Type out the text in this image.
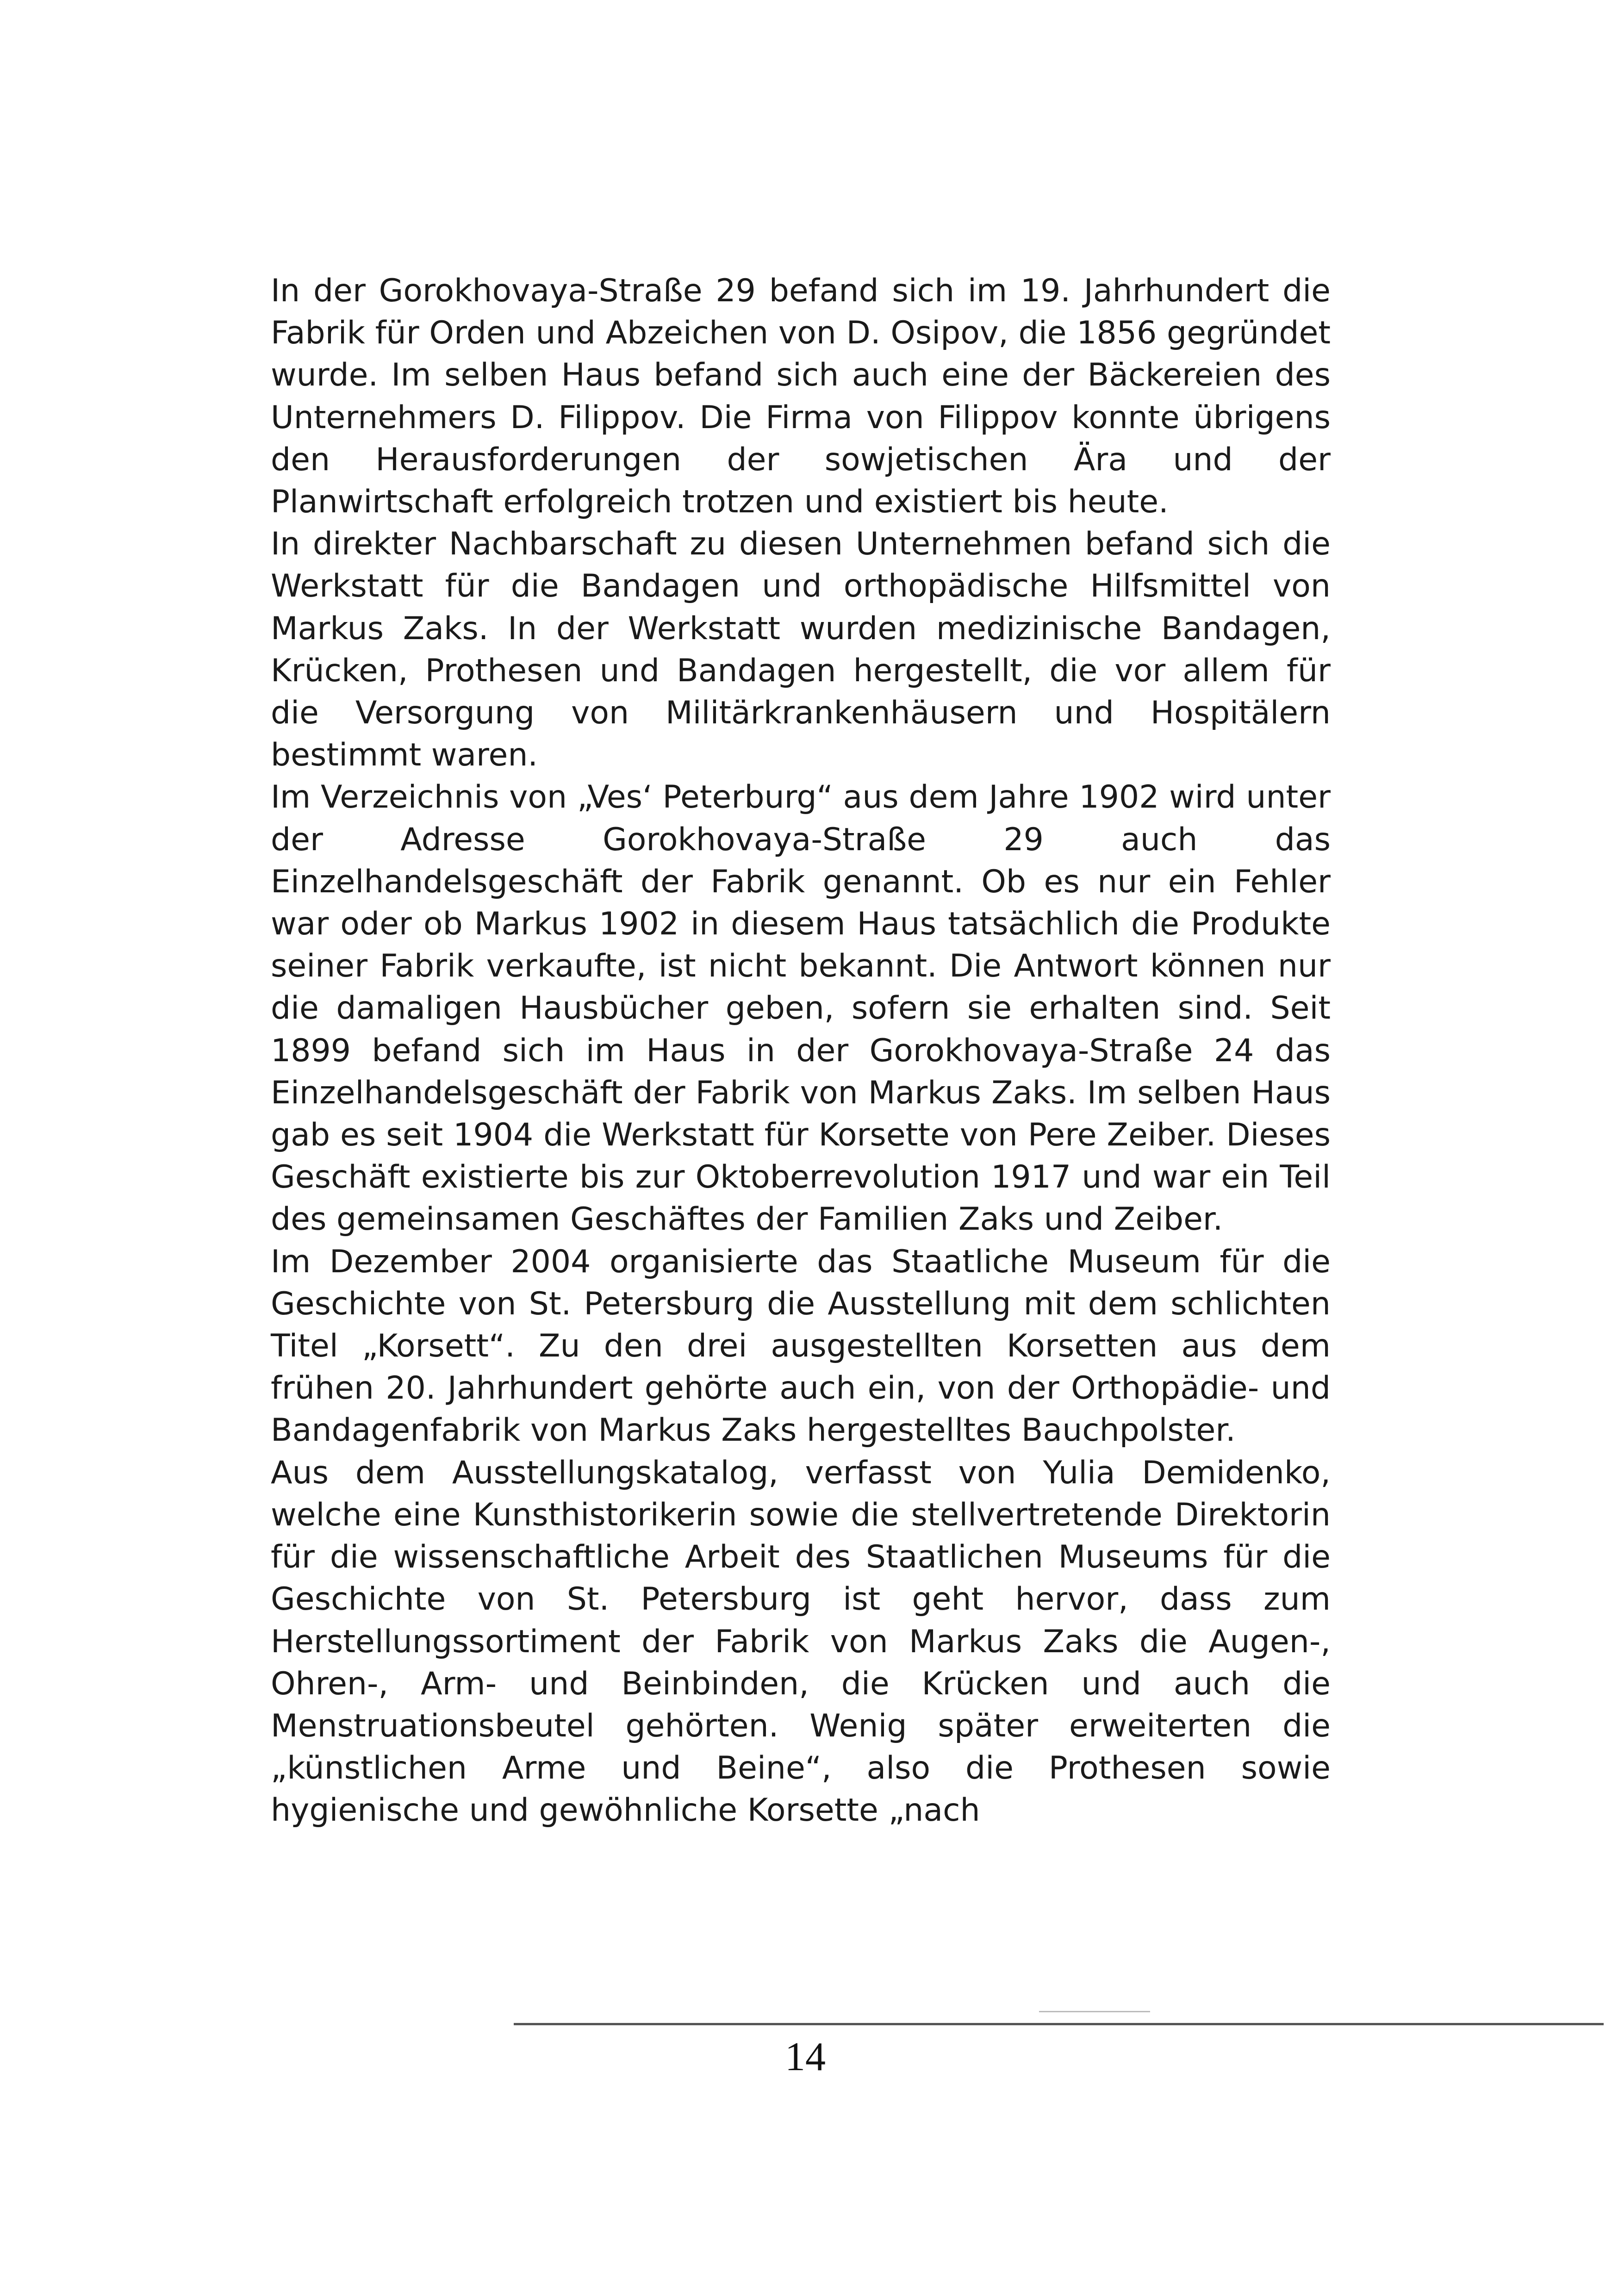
In der Gorokhovaya-Straße 29 befand sich im 19. Jahrhundert die Fabrik für Orden und Abzeichen von D. Osipov, die 1856 gegründet wurde. Im selben Haus befand sich auch eine der Bäckereien des Unternehmers D. Filippov. Die Firma von Filippov konnte übrigens den Herausforderungen der sowjetischen Ära und der Planwirtschaft erfolgreich trotzen und existiert bis heute.

In direkter Nachbarschaft zu diesen Unternehmen befand sich die Werkstatt für die Bandagen und orthopädische Hilfsmittel von Markus Zaks. In der Werkstatt wurden medizinische Bandagen, Krücken, Prothesen und Bandagen hergestellt, die vor allem für die Versorgung von Militärkrankenhäusern und Hospitälern bestimmt waren.

Im Verzeichnis von „Ves‘ Peterburg“ aus dem Jahre 1902 wird unter der Adresse Gorokhovaya-Straße 29 auch das Einzelhandelsgeschäft der Fabrik genannt. Ob es nur ein Fehler war oder ob Markus 1902 in diesem Haus tatsächlich die Produkte seiner Fabrik verkaufte, ist nicht bekannt. Die Antwort können nur die damaligen Hausbücher geben, sofern sie erhalten sind. Seit 1899 befand sich im Haus in der Gorokhovaya-Straße 24 das Einzelhandelsgeschäft der Fabrik von Markus Zaks. Im selben Haus gab es seit 1904 die Werkstatt für Korsette von Pere Zeiber. Dieses Geschäft existierte bis zur Oktoberrevolution 1917 und war ein Teil des gemeinsamen Geschäftes der Familien Zaks und Zeiber.

Im Dezember 2004 organisierte das Staatliche Museum für die Geschichte von St. Petersburg die Ausstellung mit dem schlichten Titel „Korsett“. Zu den drei ausgestellten Korsetten aus dem frühen 20. Jahrhundert gehörte auch ein, von der Orthopädie- und Bandagenfabrik von Markus Zaks hergestelltes Bauchpolster.

Aus dem Ausstellungskatalog, verfasst von Yulia Demidenko, welche eine Kunsthistorikerin sowie die stellvertretende Direktorin für die wissenschaftliche Arbeit des Staatlichen Museums für die Geschichte von St. Petersburg ist geht hervor, dass zum Herstellungssortiment der Fabrik von Markus Zaks die Augen-, Ohren-, Arm- und Beinbinden, die Krücken und auch die Menstruationsbeutel gehörten. Wenig später erweiterten die „künstlichen Arme und Beine“, also die Prothesen sowie hygienische und gewöhnliche Korsette „nach

14
